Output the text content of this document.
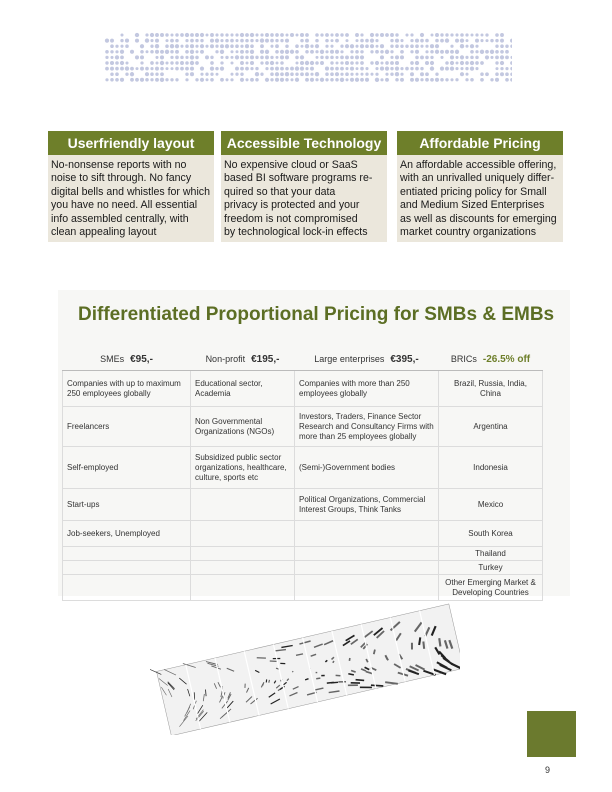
Userfriendly layout
No-nonsense reports with no
noise to sift through. No fancy
digital bells and whistles for which
you have no need. All essential
info assembled centrally, with
clean appealing layout
Accessible Technology
No expensive cloud or SaaS
based BI software programs re-
quired so that your data
privacy is protected and your
freedom is not compromised
by technological lock-in effects
Affordable Pricing
An affordable accessible offering,
with an unrivalled uniquely differ-
entiated pricing policy for Small
and Medium Sized Enterprises
as well as discounts for emerging
market country organizations
Differentiated Proportional Pricing for SMBs & EMBs
SMEs €95,-	Non-profit €195,-	Large enterprises €395,-	BRICs -26.5% off
Companies with up to maximum 250 employees globally	Educational sector, Academia	Companies with more than 250 employees globally	Brazil, Russia, India, China
Freelancers	Non Governmental Organizations (NGOs)	Investors, Traders, Finance Sector Research and Consultancy Firms with more than 25 employees globally	Argentina
Self-employed	Subsidized public sector organizations, healthcare, culture, sports etc	(Semi-)Government bodies	Indonesia
Start-ups		Political Organizations, Commercial Interest Groups, Think Tanks	Mexico
Job-seekers, Unemployed			South Korea
			Thailand
			Turkey
			Other Emerging Market & Developing Countries
9
